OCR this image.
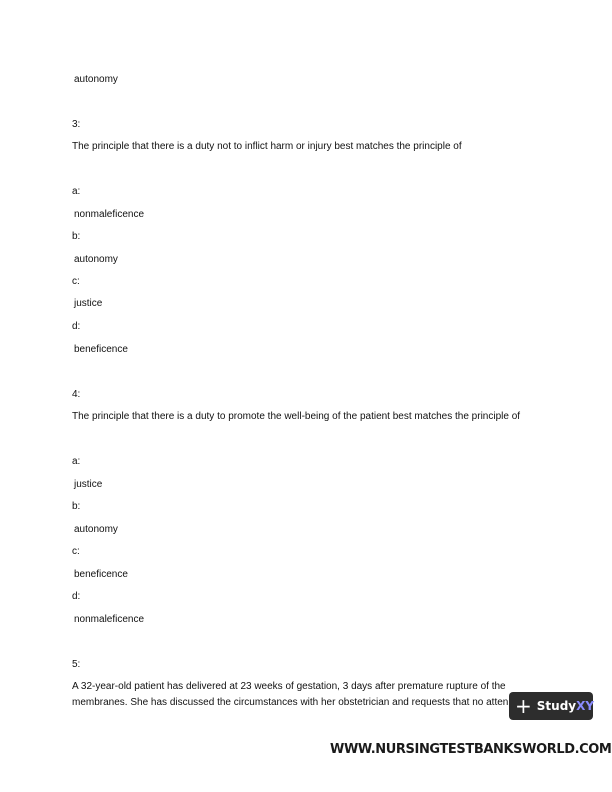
autonomy
3:
The principle that there is a duty not to inflict harm or injury best matches the principle of
a:
nonmaleficence
b:
autonomy
c:
justice
d:
beneficence
4:
The principle that there is a duty to promote the well-being of the patient best matches the principle of
a:
justice
b:
autonomy
c:
beneficence
d:
nonmaleficence
5:
A 32-year-old patient has delivered at 23 weeks of gestation, 3 days after premature rupture of the
membranes. She has discussed the circumstances with her obstetrician and requests that no atten + Study XY
WWW.NURSINGTESTBANKSWORLD.COM
